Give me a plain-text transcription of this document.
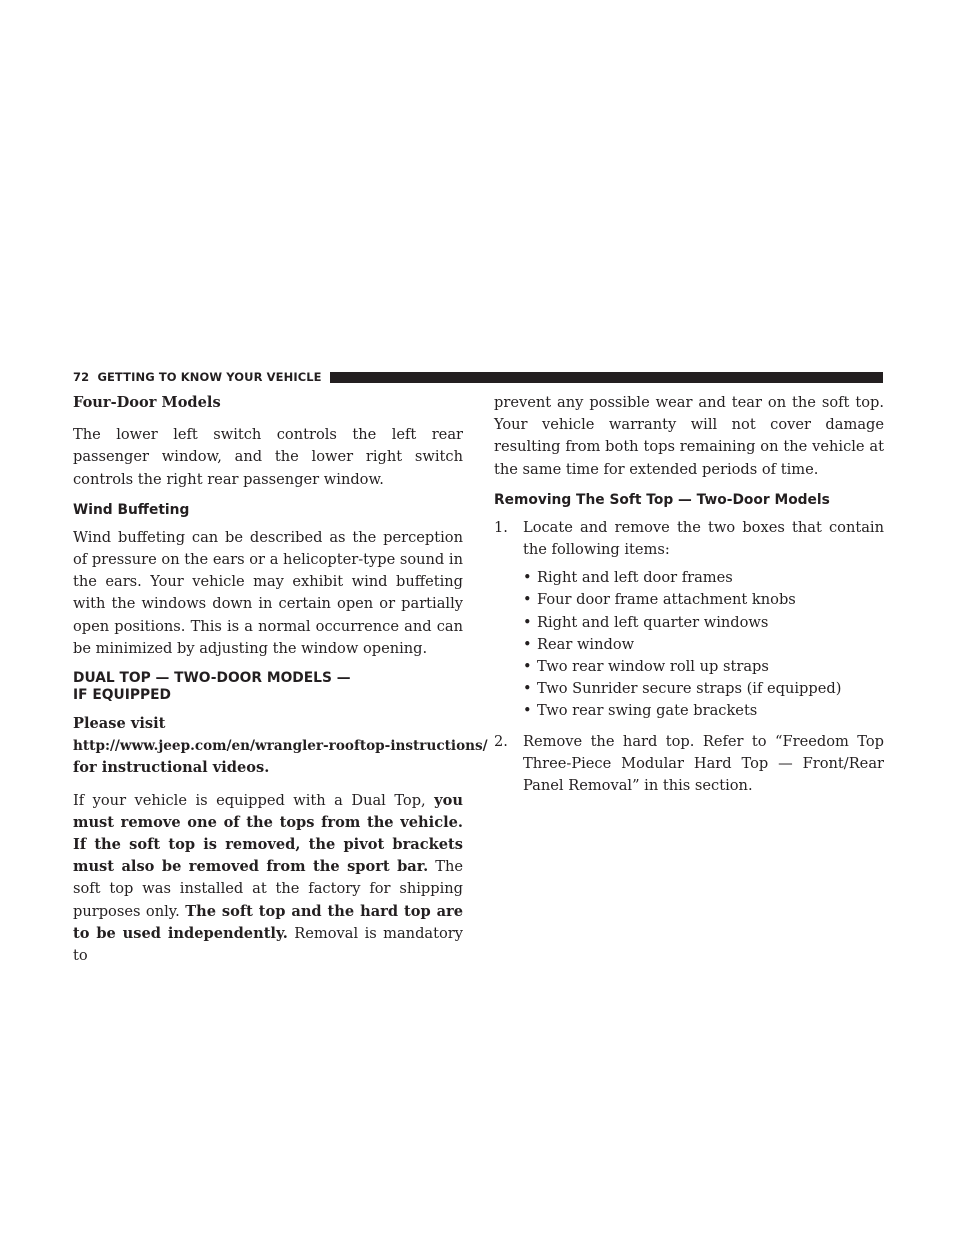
72 GETTING TO KNOW YOUR VEHICLE

Four-Door Models

The lower left switch controls the left rear passenger window, and the lower right switch controls the right rear passenger window.

Wind Buffeting

Wind buffeting can be described as the perception of pressure on the ears or a helicopter-type sound in the ears. Your vehicle may exhibit wind buffeting with the windows down in certain open or partially open positions. This is a normal occurrence and can be minimized by adjusting the window opening.

DUAL TOP — TWO-DOOR MODELS —
IF EQUIPPED

Please visit
http://www.jeep.com/en/wrangler-rooftop-instructions/
for instructional videos.

If your vehicle is equipped with a Dual Top, you must remove one of the tops from the vehicle. If the soft top is removed, the pivot brackets must also be removed from the sport bar. The soft top was installed at the factory for shipping purposes only. The soft top and the hard top are to be used independently. Removal is mandatory to

prevent any possible wear and tear on the soft top. Your vehicle warranty will not cover damage resulting from both tops remaining on the vehicle at the same time for extended periods of time.

Removing The Soft Top — Two-Door Models
1. Locate and remove the two boxes that contain the following items:
• Right and left door frames
• Four door frame attachment knobs
• Right and left quarter windows
• Rear window
• Two rear window roll up straps
• Two Sunrider secure straps (if equipped)
• Two rear swing gate brackets
2. Remove the hard top. Refer to “Freedom Top Three-Piece Modular Hard Top — Front/Rear Panel Removal” in this section.
